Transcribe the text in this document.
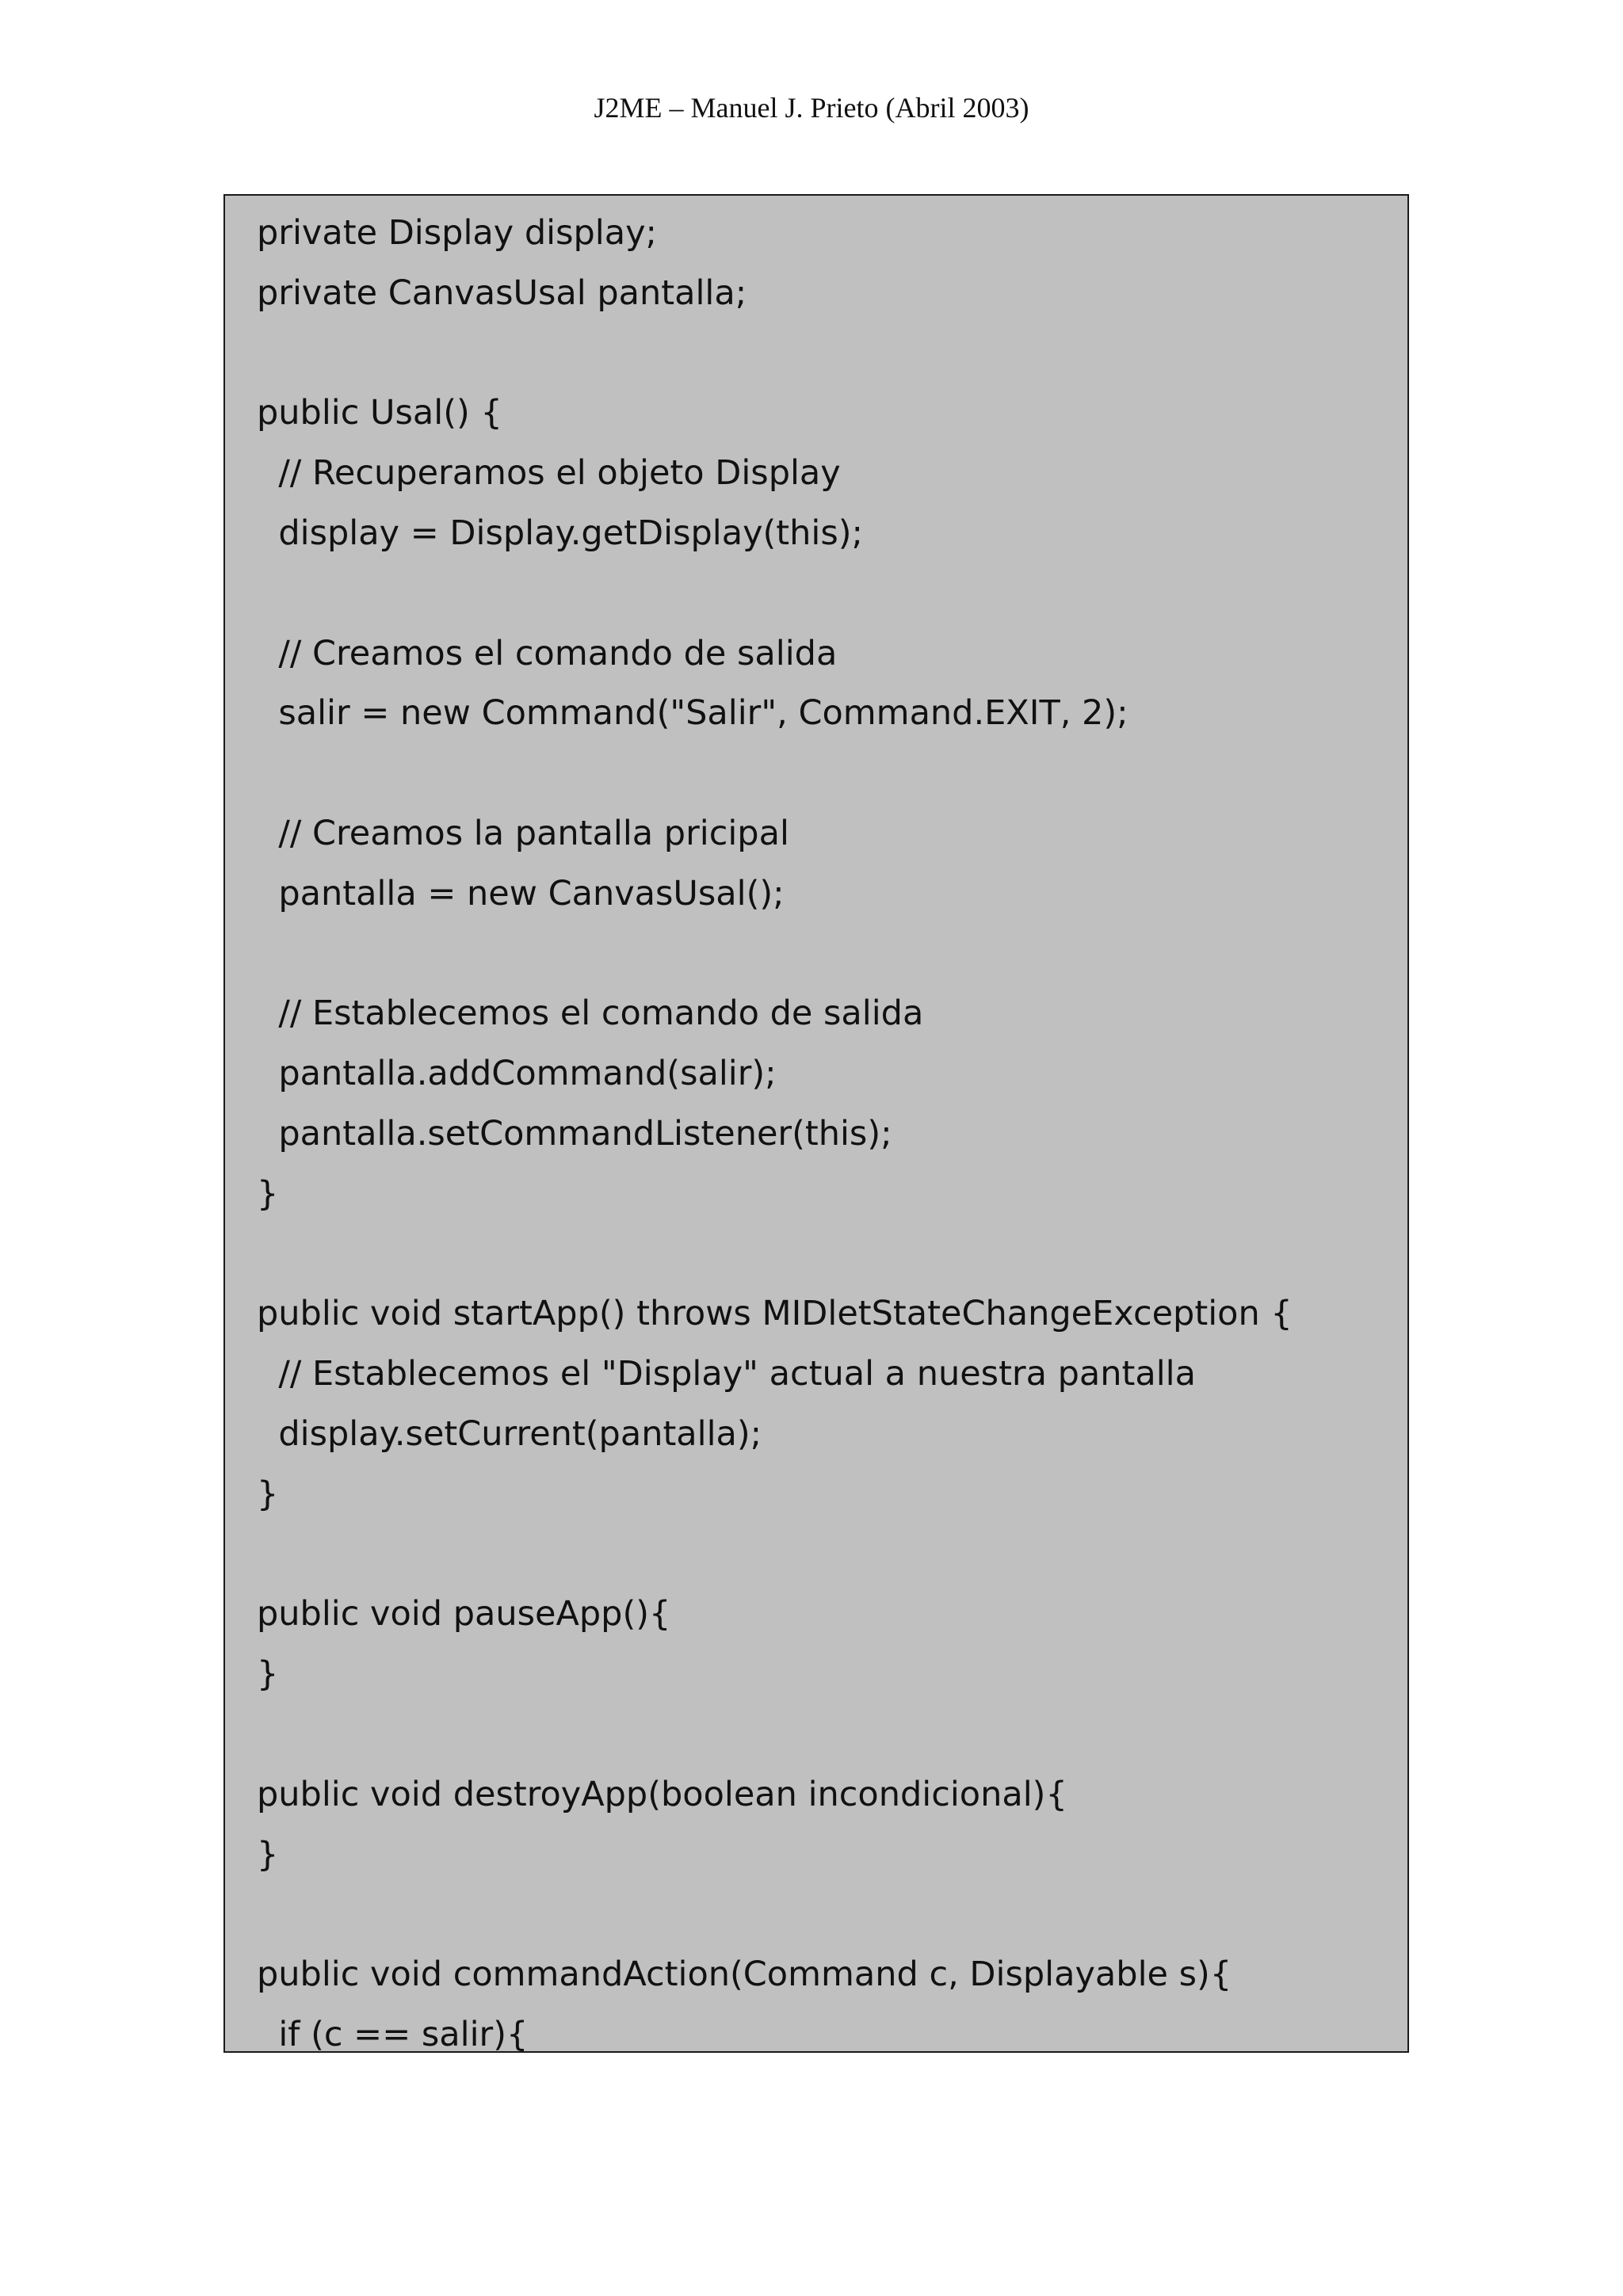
J2ME – Manuel J. Prieto (Abril 2003)
private Display display;
private CanvasUsal pantalla;
public Usal() {
// Recuperamos el objeto Display
display = Display.getDisplay(this);
// Creamos el comando de salida
salir = new Command("Salir", Command.EXIT, 2);
// Creamos la pantalla pricipal
pantalla = new CanvasUsal();
// Establecemos el comando de salida
pantalla.addCommand(salir);
pantalla.setCommandListener(this);
}
public void startApp() throws MIDletStateChangeException {
// Establecemos el "Display" actual a nuestra pantalla
display.setCurrent(pantalla);
}
public void pauseApp(){
}
public void destroyApp(boolean incondicional){
}
public void commandAction(Command c, Displayable s){
if (c == salir){
